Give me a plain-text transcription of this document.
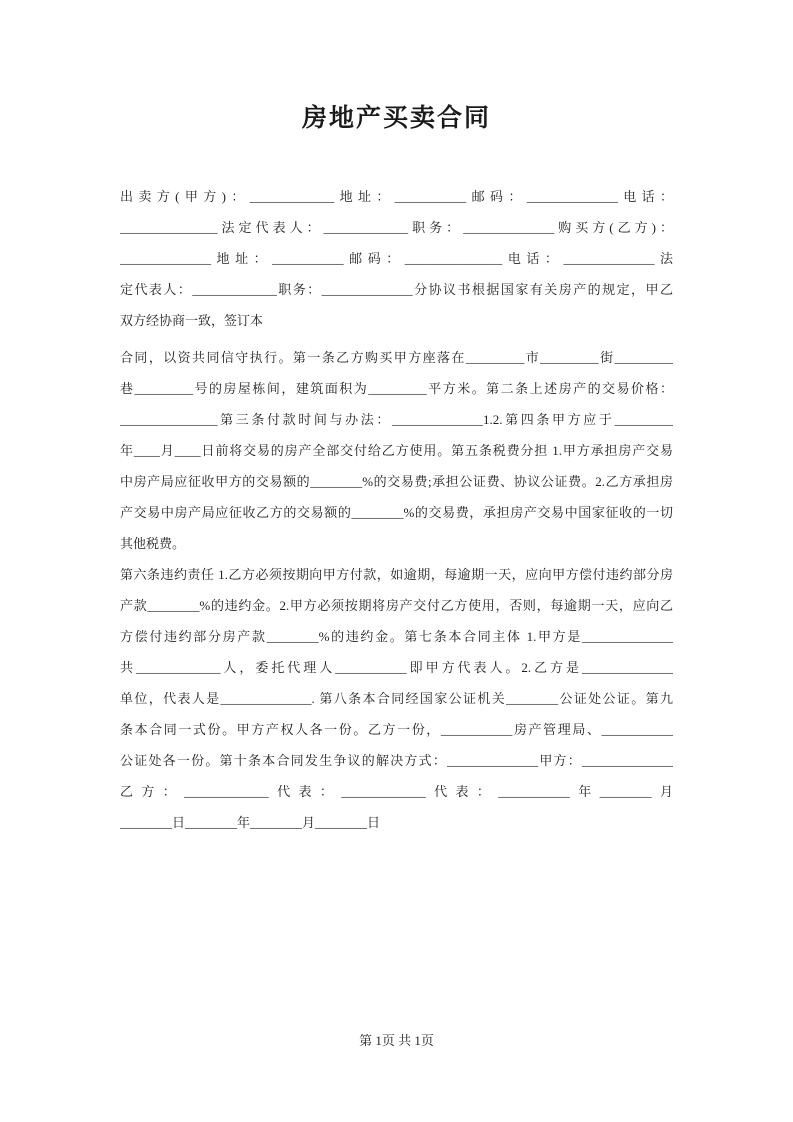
房地产买卖合同
出卖方(甲方)：_____________地址：___________邮码：______________电话：
_______________法定代表人：_____________职务：______________购买方(乙方)：
______________地址：___________邮码：_______________电话：______________法
定代表人：_____________职务：______________分协议书根据国家有关房产的规定，甲乙
双方经协商一致，签订本
合同，以资共同信守执行。第一条乙方购买甲方座落在_________市_________街_________
巷_________号的房屋栋间，建筑面积为_________平方米。第二条上述房产的交易价格：
_______________第三条付款时间与办法：______________1.2.第四条甲方应于_________
年____月____日前将交易的房产全部交付给乙方使用。第五条税费分担 1.甲方承担房产交易
中房产局应征收甲方的交易额的________%的交易费;承担公证费、协议公证费。2.乙方承担房
产交易中房产局应征收乙方的交易额的________%的交易费，承担房产交易中国家征收的一切
其他税费。
第六条违约责任 1.乙方必须按期向甲方付款，如逾期，每逾期一天，应向甲方偿付违约部分房
产款________%的违约金。2.甲方必须按期将房产交付乙方使用，否则，每逾期一天，应向乙
方偿付违约部分房产款________%的违约金。第七条本合同主体 1.甲方是______________
共_____________人，委托代理人___________即甲方代表人。2.乙方是______________
单位，代表人是______________. 第八条本合同经国家公证机关________公证处公证。第九
条本合同一式份。甲方产权人各一份。乙方一份，___________房产管理局、___________
公证处各一份。第十条本合同发生争议的解决方式：______________甲方：______________
乙方：_____________代表：_____________代表：___________年________月
________日________年________月________日
第 1页 共 1页
